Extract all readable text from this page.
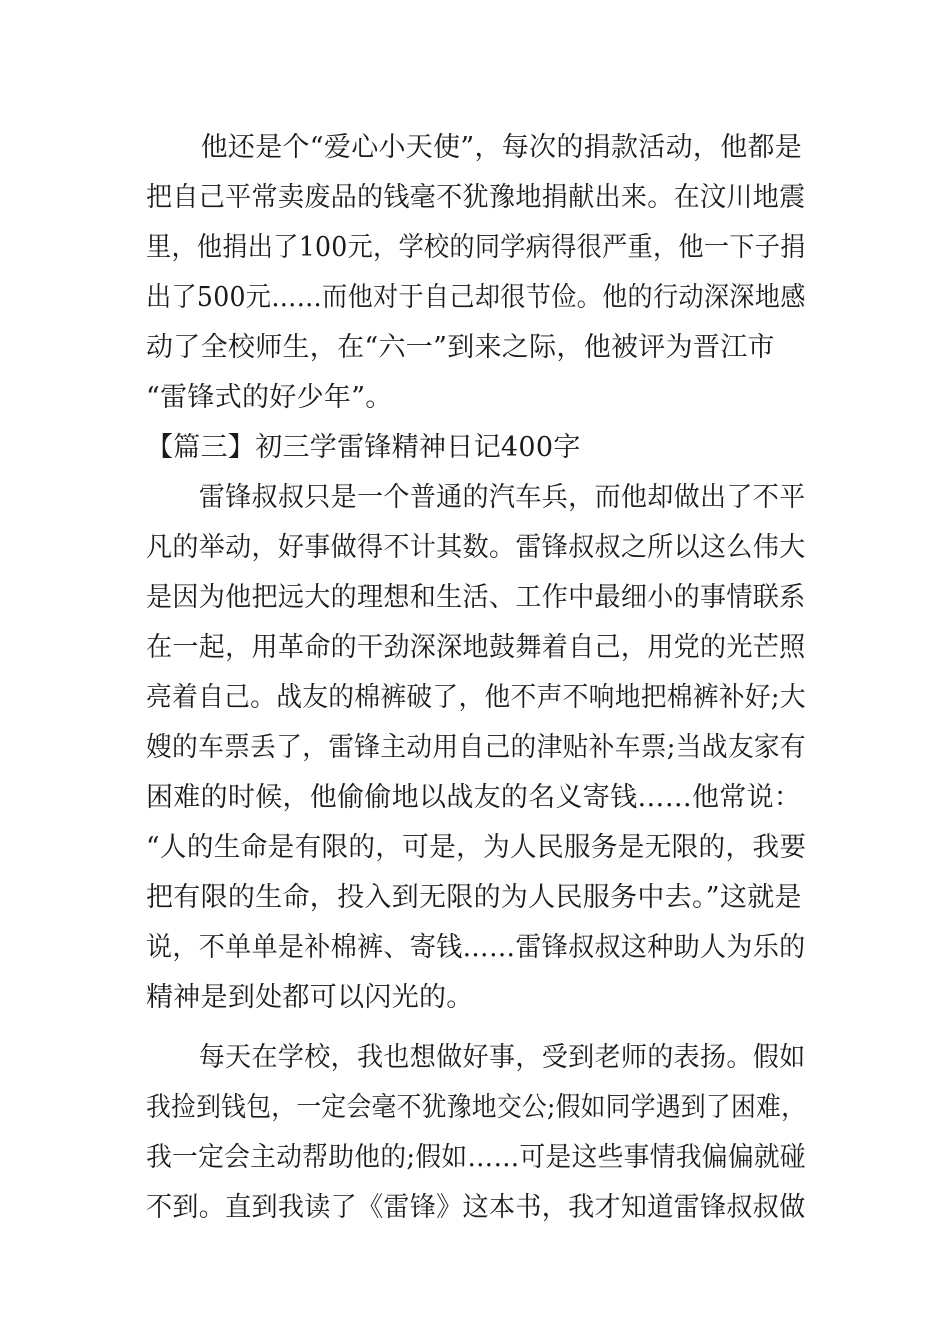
　　他还是个“爱心小天使”，每次的捐款活动，他都是
把自己平常卖废品的钱毫不犹豫地捐献出来。在汶川地震
里，他捐出了100元，学校的同学病得很严重，他一下子捐
出了500元……而他对于自己却很节俭。他的行动深深地感
动了全校师生，在“六一”到来之际，他被评为晋江市
“雷锋式的好少年”。
【篇三】初三学雷锋精神日记400字
　　雷锋叔叔只是一个普通的汽车兵，而他却做出了不平
凡的举动，好事做得不计其数。雷锋叔叔之所以这么伟大
是因为他把远大的理想和生活、工作中最细小的事情联系
在一起，用革命的干劲深深地鼓舞着自己，用党的光芒照
亮着自己。战友的棉裤破了，他不声不响地把棉裤补好;大
嫂的车票丢了，雷锋主动用自己的津贴补车票;当战友家有
困难的时候，他偷偷地以战友的名义寄钱……他常说：
“人的生命是有限的，可是，为人民服务是无限的，我要
把有限的生命，投入到无限的为人民服务中去。”这就是
说，不单单是补棉裤、寄钱……雷锋叔叔这种助人为乐的
精神是到处都可以闪光的。
　　每天在学校，我也想做好事，受到老师的表扬。假如
我捡到钱包，一定会毫不犹豫地交公;假如同学遇到了困难，
我一定会主动帮助他的;假如……可是这些事情我偏偏就碰
不到。直到我读了《雷锋》这本书，我才知道雷锋叔叔做
